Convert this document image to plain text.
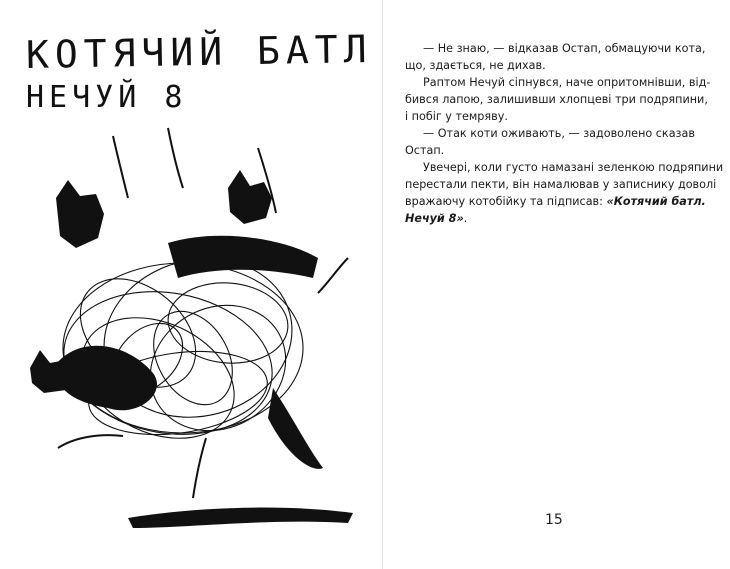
КОТЯЧИЙ БАТЛ
НЕЧУЙ 8
— Не знаю, — відказав Остап, обмацуючи кота,
що, здається, не дихав.
Раптом Нечуй сіпнувся, наче опритомнівши, від-
бився лапою, залишивши хлопцеві три подряпини,
і побіг у темряву.
— Отак коти оживають, — задоволено сказав
Остап.
Увечері, коли густо намазані зеленкою подряпини
перестали пекти, він намалював у записнику доволі
вражаючу котобійку та підписав: «Котячий батл.
Нечуй 8».
15
